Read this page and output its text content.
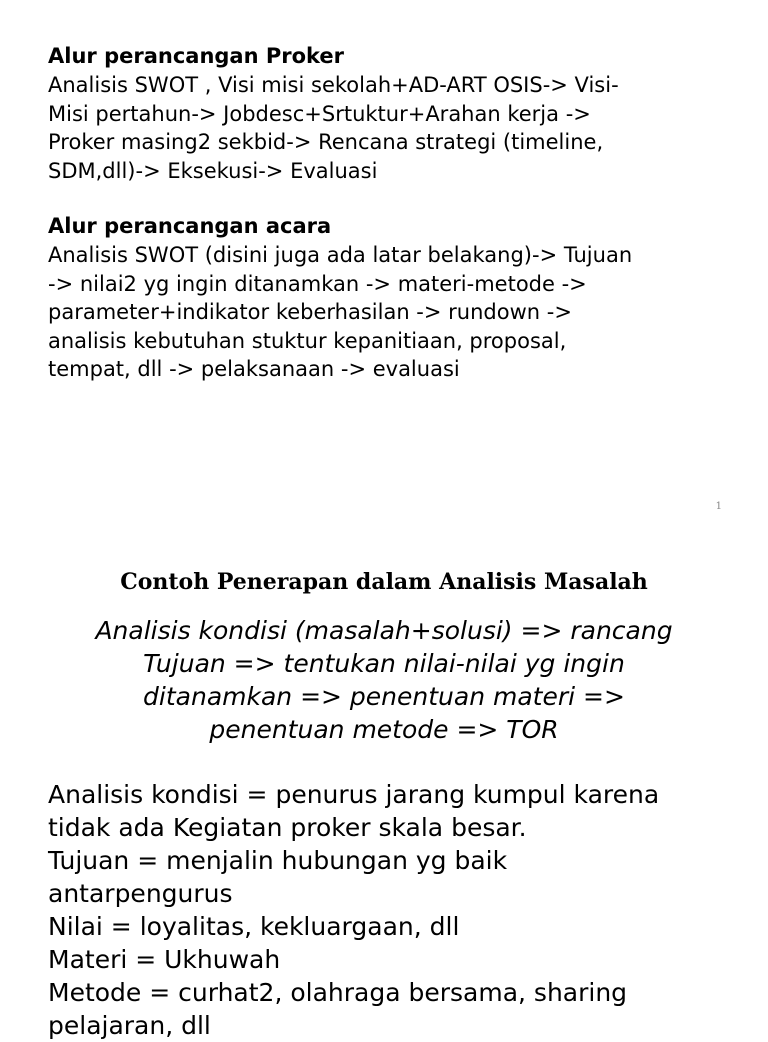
Alur perancangan Proker

Analisis SWOT , Visi misi sekolah+AD-ART OSIS-> Visi-
Misi pertahun-> Jobdesc+Srtuktur+Arahan kerja ->
Proker masing2 sekbid-> Rencana strategi (timeline,
SDM,dll)-> Eksekusi-> Evaluasi

Alur perancangan acara

Analisis SWOT (disini juga ada latar belakang)-> Tujuan
-> nilai2 yg ingin ditanamkan -> materi-metode ->
parameter+indikator keberhasilan -> rundown ->
analisis kebutuhan stuktur kepanitiaan, proposal,
tempat, dll -> pelaksanaan -> evaluasi

1
Contoh Penerapan dalam Analisis Masalah

Analisis kondisi (masalah+solusi) => rancang
Tujuan => tentukan nilai-nilai yg ingin
ditanamkan => penentuan materi =>
penentuan metode => TOR

Analisis kondisi = penurus jarang kumpul karena
tidak ada Kegiatan proker skala besar.
Tujuan = menjalin hubungan yg baik
antarpengurus
Nilai = loyalitas, kekluargaan, dll
Materi = Ukhuwah
Metode = curhat2, olahraga bersama, sharing
pelajaran, dll
